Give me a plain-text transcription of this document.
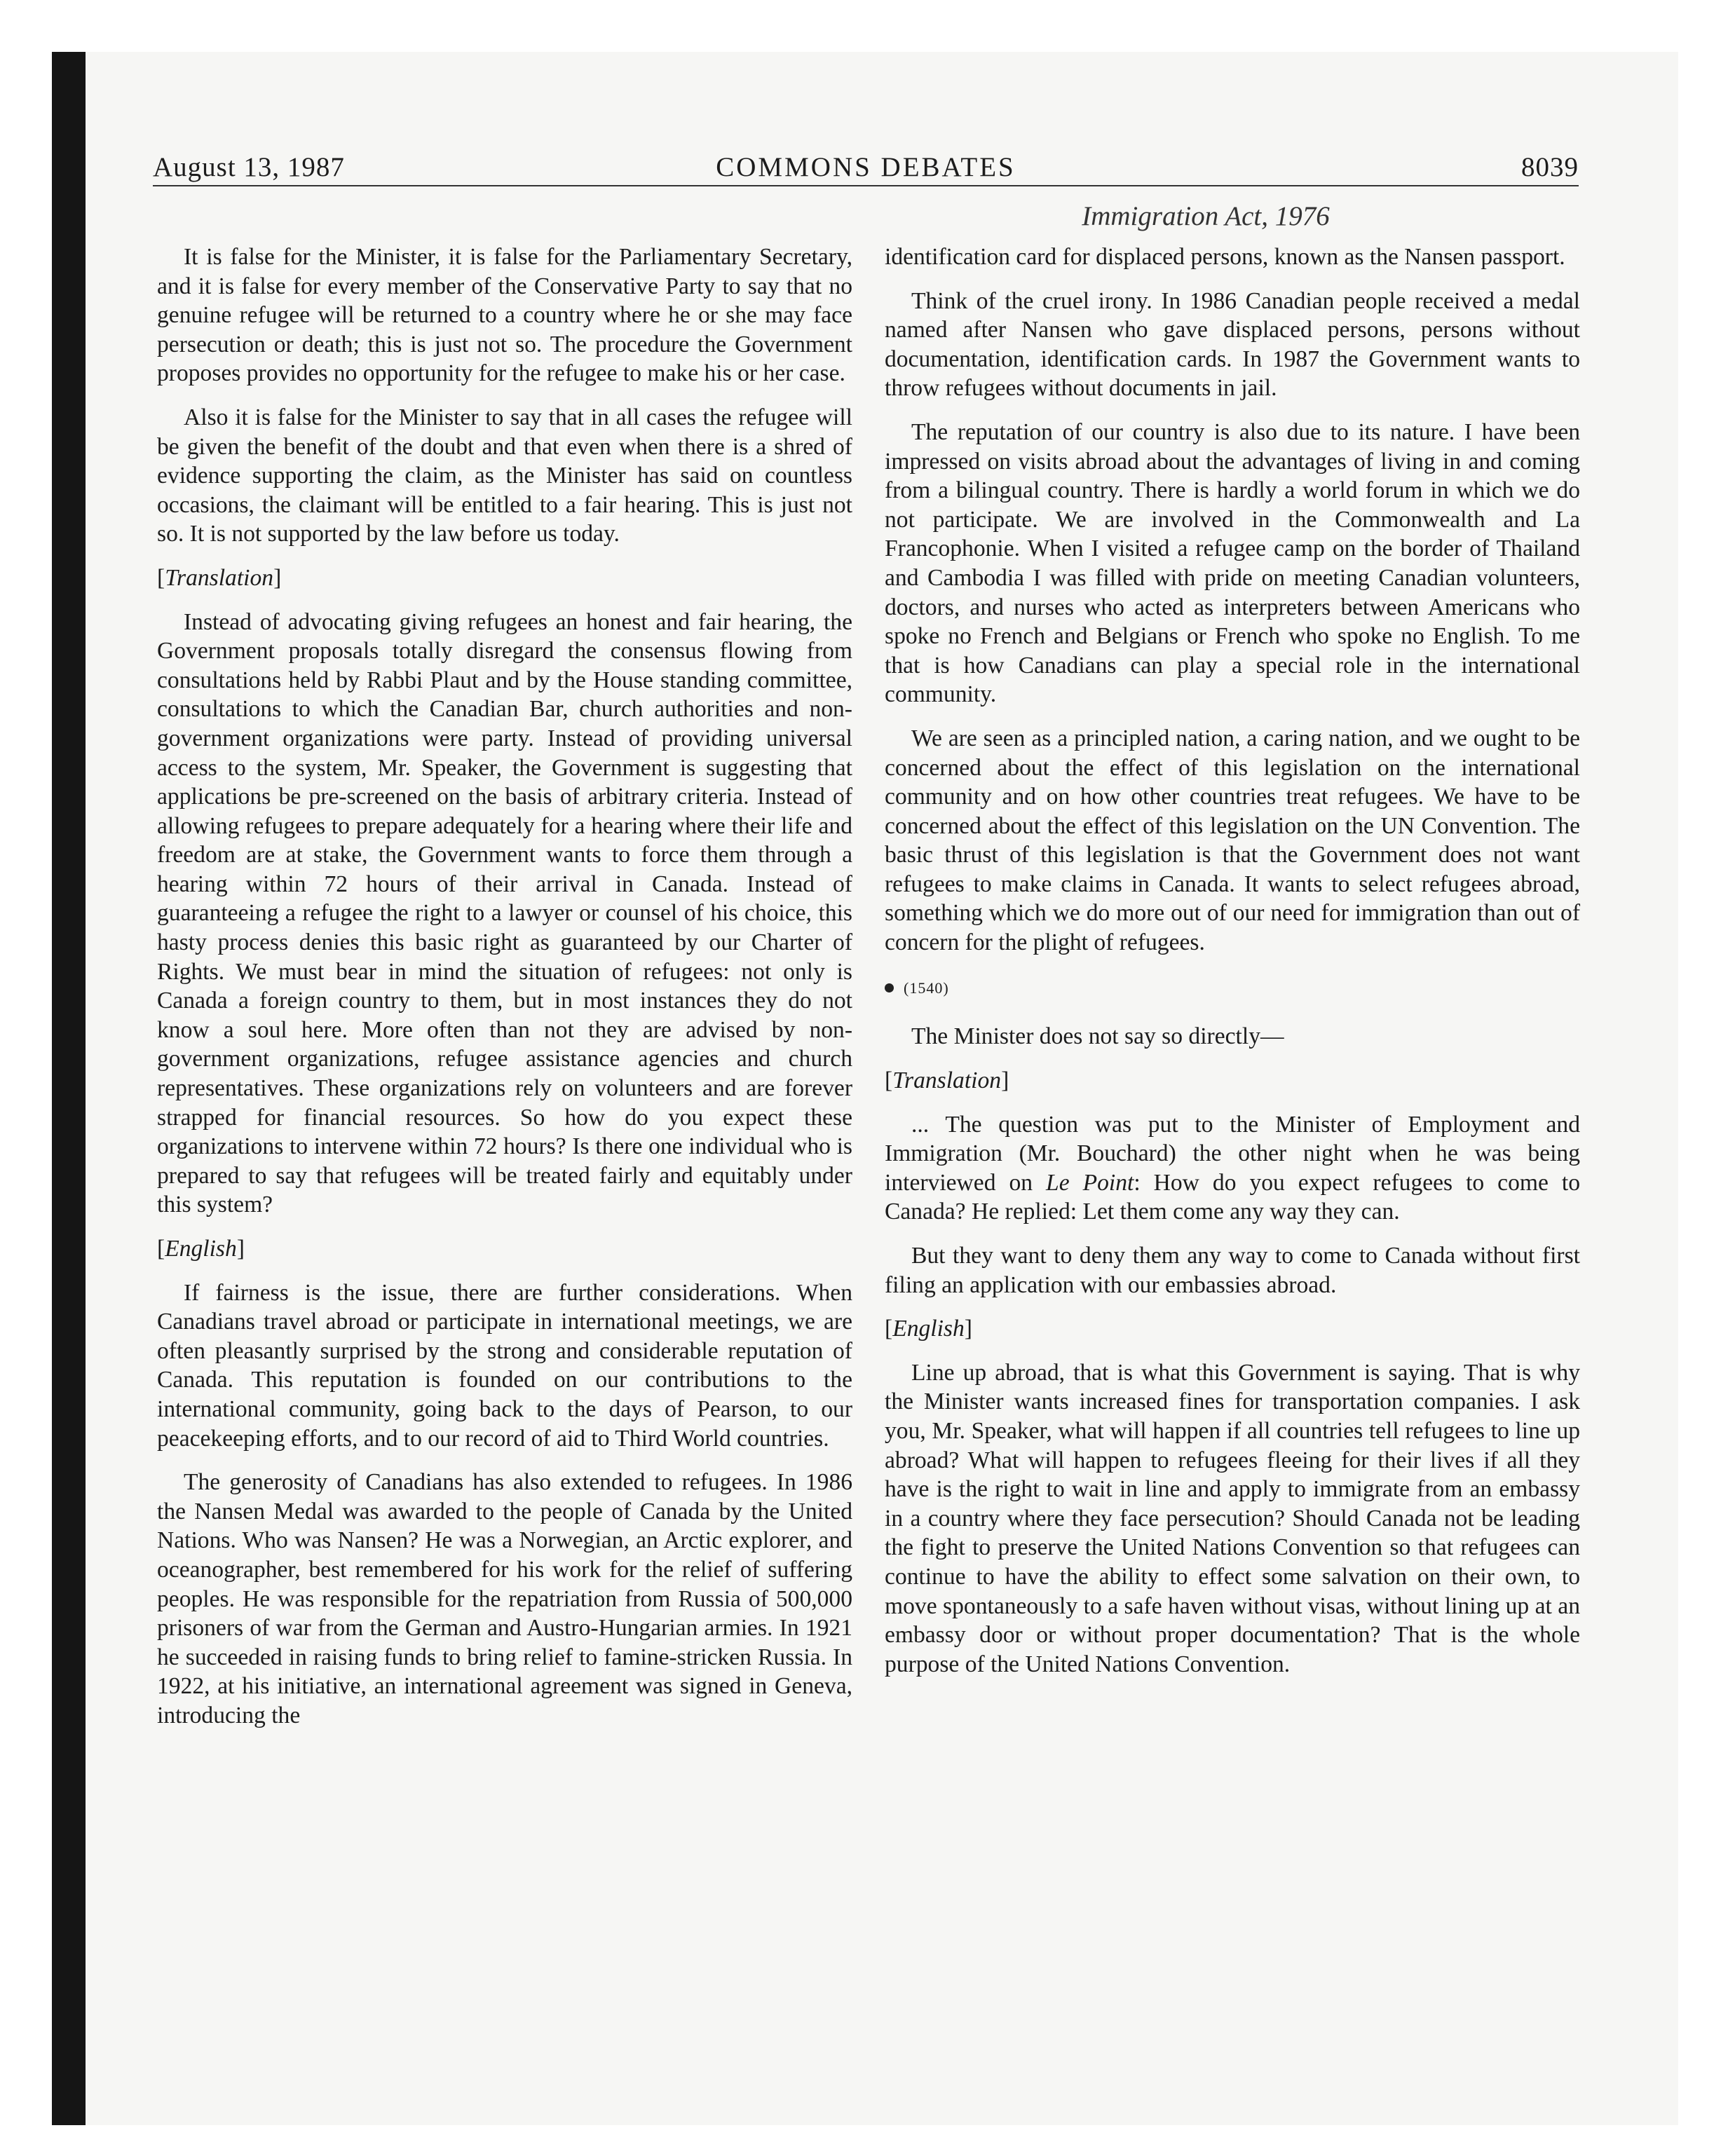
August 13, 1987	COMMONS DEBATES	8039
Immigration Act, 1976

It is false for the Minister, it is false for the Parliamentary Secretary, and it is false for every member of the Conservative Party to say that no genuine refugee will be returned to a country where he or she may face persecution or death; this is just not so. The procedure the Government proposes provides no opportunity for the refugee to make his or her case.

Also it is false for the Minister to say that in all cases the refugee will be given the benefit of the doubt and that even when there is a shred of evidence supporting the claim, as the Minister has said on countless occasions, the claimant will be entitled to a fair hearing. This is just not so. It is not supported by the law before us today.

[Translation]

Instead of advocating giving refugees an honest and fair hearing, the Government proposals totally disregard the consensus flowing from consultations held by Rabbi Plaut and by the House standing committee, consultations to which the Canadian Bar, church authorities and non-government organizations were party. Instead of providing universal access to the system, Mr. Speaker, the Government is suggesting that applications be pre-screened on the basis of arbitrary criteria. Instead of allowing refugees to prepare adequately for a hearing where their life and freedom are at stake, the Government wants to force them through a hearing within 72 hours of their arrival in Canada. Instead of guaranteeing a refugee the right to a lawyer or counsel of his choice, this hasty process denies this basic right as guaranteed by our Charter of Rights. We must bear in mind the situation of refugees: not only is Canada a foreign country to them, but in most instances they do not know a soul here. More often than not they are advised by non-government organizations, refugee assistance agencies and church representatives. These organizations rely on volunteers and are forever strapped for financial resources. So how do you expect these organizations to intervene within 72 hours? Is there one individual who is prepared to say that refugees will be treated fairly and equitably under this system?

[English]

If fairness is the issue, there are further considerations. When Canadians travel abroad or participate in international meetings, we are often pleasantly surprised by the strong and considerable reputation of Canada. This reputation is founded on our contributions to the international community, going back to the days of Pearson, to our peacekeeping efforts, and to our record of aid to Third World countries.

The generosity of Canadians has also extended to refugees. In 1986 the Nansen Medal was awarded to the people of Canada by the United Nations. Who was Nansen? He was a Norwegian, an Arctic explorer, and oceanographer, best remembered for his work for the relief of suffering peoples. He was responsible for the repatriation from Russia of 500,000 prisoners of war from the German and Austro-Hungarian armies. In 1921 he succeeded in raising funds to bring relief to famine-stricken Russia. In 1922, at his initiative, an international agreement was signed in Geneva, introducing the

identification card for displaced persons, known as the Nansen passport.

Think of the cruel irony. In 1986 Canadian people received a medal named after Nansen who gave displaced persons, persons without documentation, identification cards. In 1987 the Government wants to throw refugees without documents in jail.

The reputation of our country is also due to its nature. I have been impressed on visits abroad about the advantages of living in and coming from a bilingual country. There is hardly a world forum in which we do not participate. We are involved in the Commonwealth and La Francophonie. When I visited a refugee camp on the border of Thailand and Cambodia I was filled with pride on meeting Canadian volunteers, doctors, and nurses who acted as interpreters between Americans who spoke no French and Belgians or French who spoke no English. To me that is how Canadians can play a special role in the international community.

We are seen as a principled nation, a caring nation, and we ought to be concerned about the effect of this legislation on the international community and on how other countries treat refugees. We have to be concerned about the effect of this legislation on the UN Convention. The basic thrust of this legislation is that the Government does not want refugees to make claims in Canada. It wants to select refugees abroad, something which we do more out of our need for immigration than out of concern for the plight of refugees.

(1540)

The Minister does not say so directly—

[Translation]

... The question was put to the Minister of Employment and Immigration (Mr. Bouchard) the other night when he was being interviewed on Le Point: How do you expect refugees to come to Canada? He replied: Let them come any way they can.

But they want to deny them any way to come to Canada without first filing an application with our embassies abroad.

[English]

Line up abroad, that is what this Government is saying. That is why the Minister wants increased fines for transportation companies. I ask you, Mr. Speaker, what will happen if all countries tell refugees to line up abroad? What will happen to refugees fleeing for their lives if all they have is the right to wait in line and apply to immigrate from an embassy in a country where they face persecution? Should Canada not be leading the fight to preserve the United Nations Convention so that refugees can continue to have the ability to effect some salvation on their own, to move spontaneously to a safe haven without visas, without lining up at an embassy door or without proper documentation? That is the whole purpose of the United Nations Convention.
